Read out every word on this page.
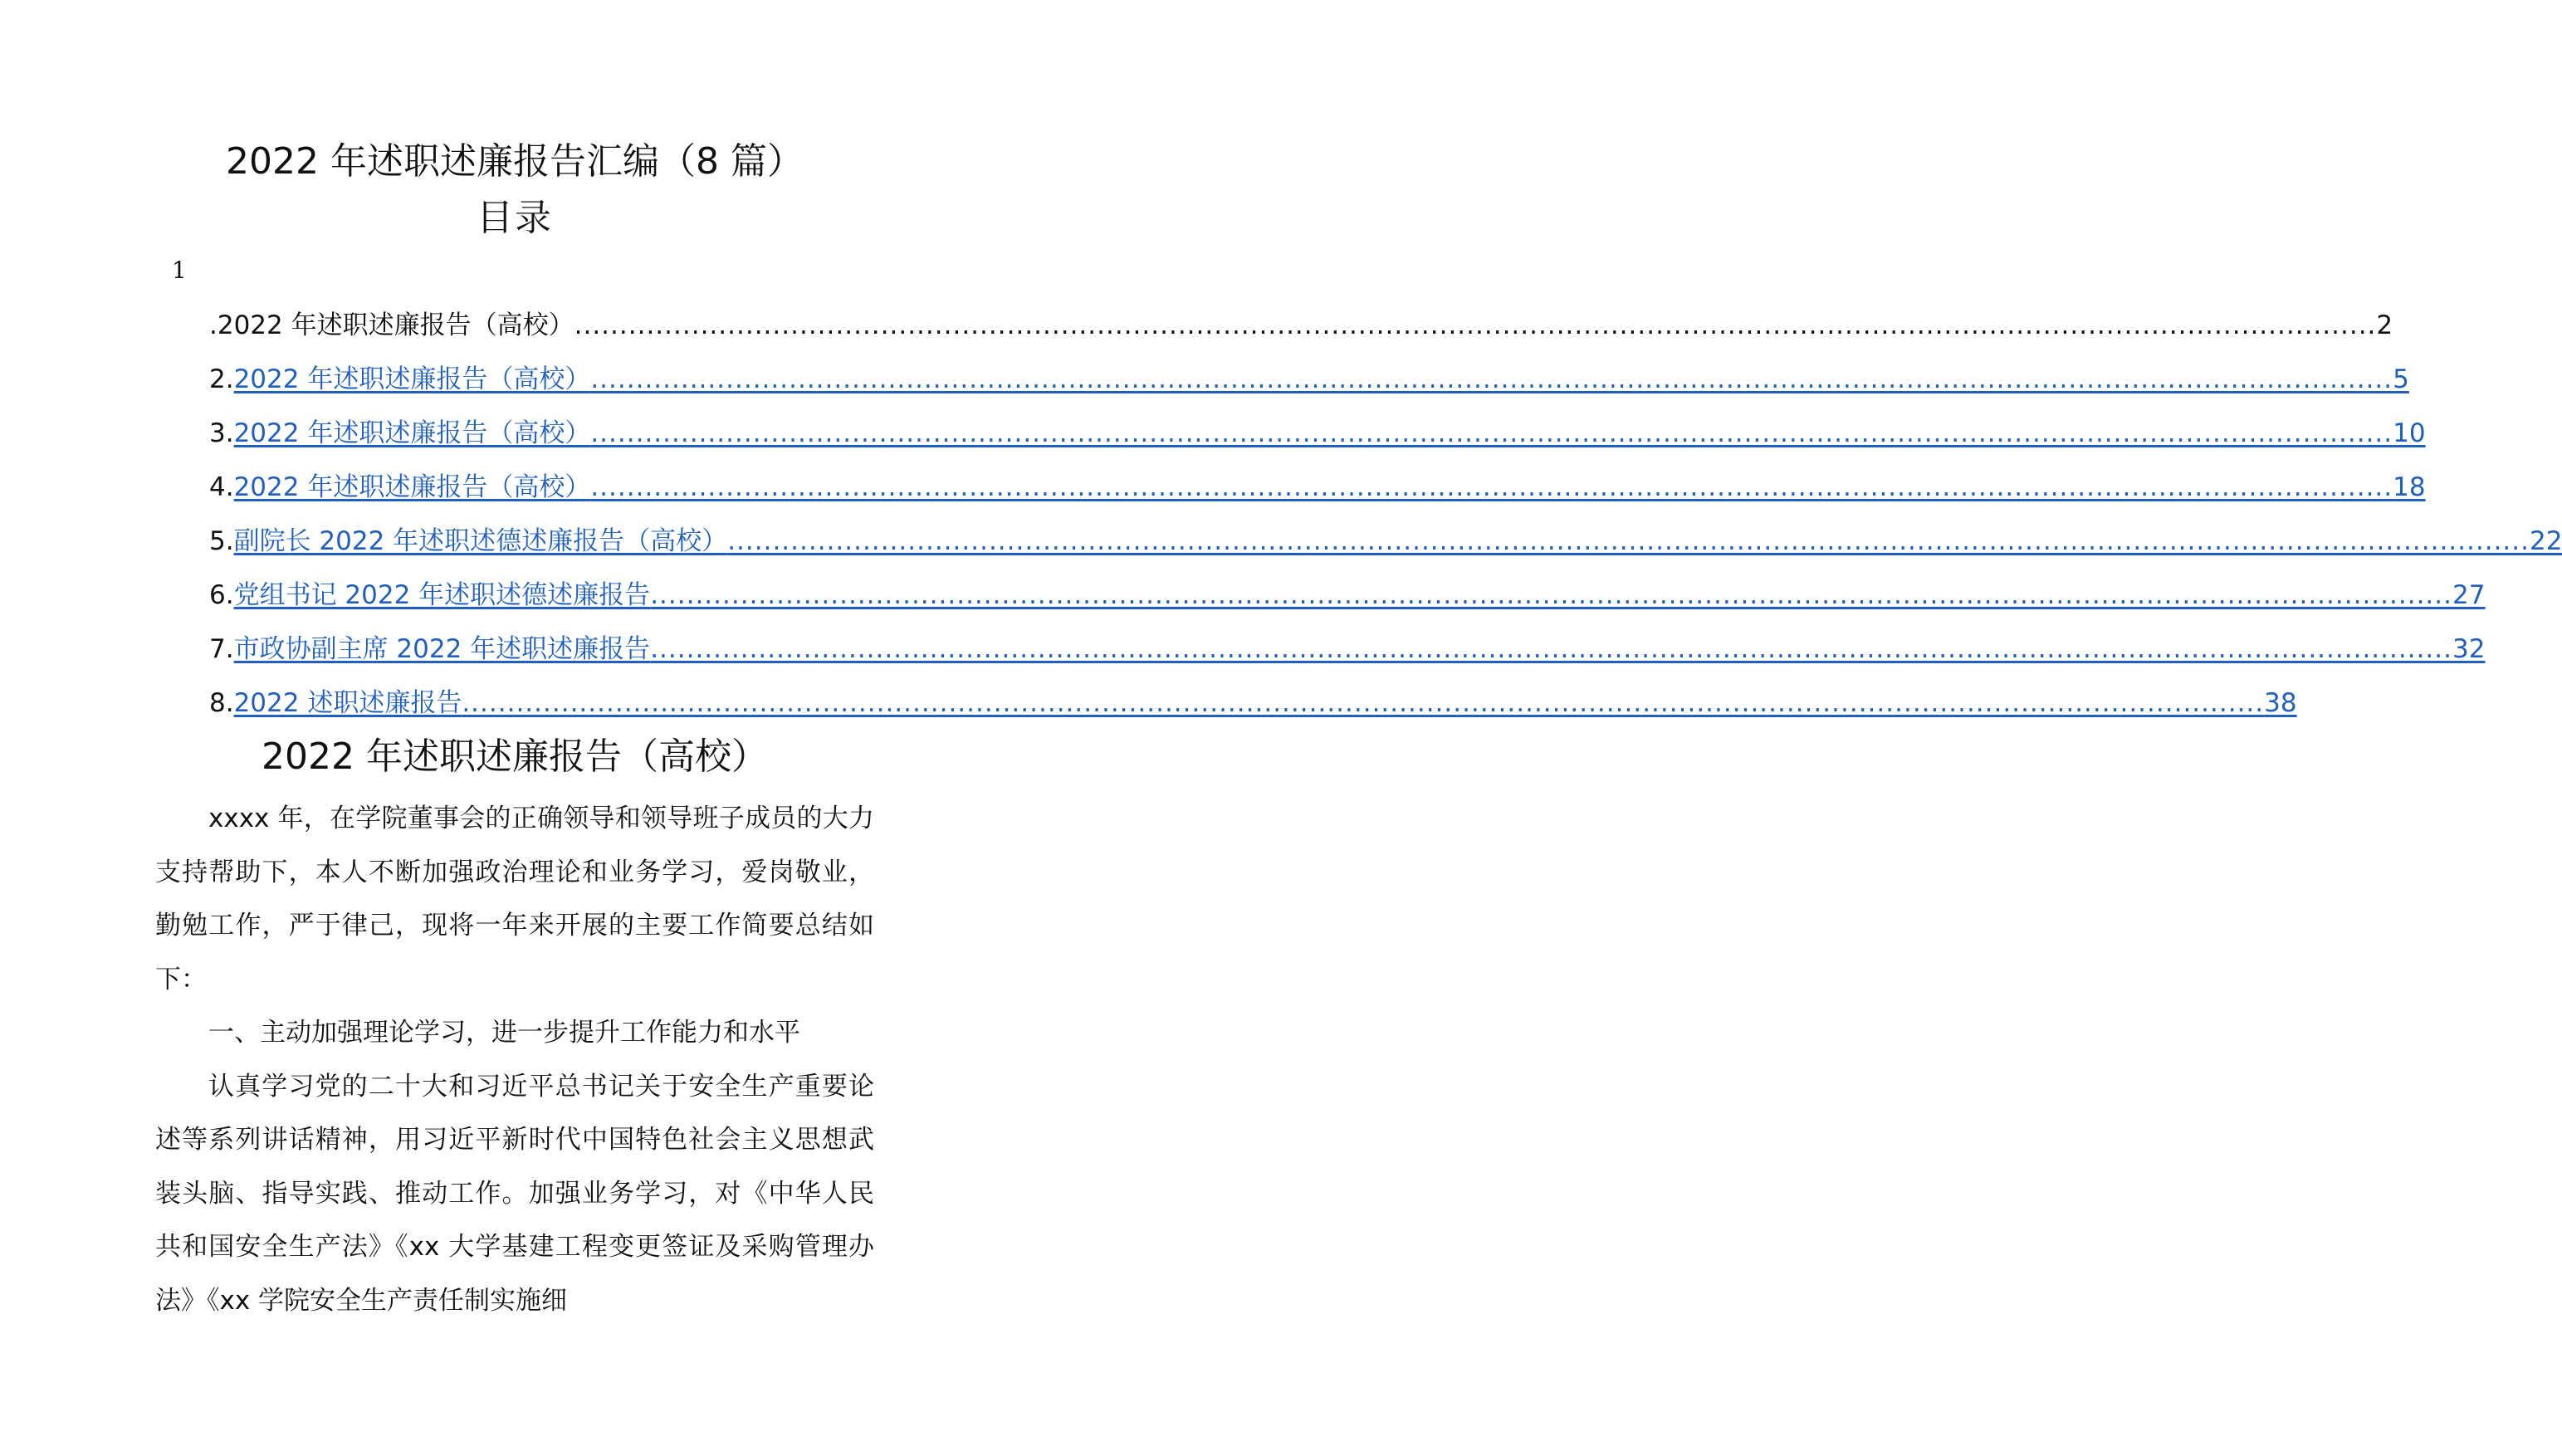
2022 年述职述廉报告汇编（8 篇）
目录
1
. 2022 年述职述廉报告（高校） ........................................................................................................................................................................................................ 2
2. 2022 年述职述廉报告（高校） ........................................................................................................................................................................................................ 5
3. 2022 年述职述廉报告（高校） ........................................................................................................................................................................................................ 10
4. 2022 年述职述廉报告（高校） ........................................................................................................................................................................................................ 18
5. 副院长 2022 年述职述德述廉报告（高校） ........................................................................................................................................................................................................ 22
6. 党组书记 2022 年述职述德述廉报告 ........................................................................................................................................................................................................ 27
7. 市政协副主席 2022 年述职述廉报告 ........................................................................................................................................................................................................ 32
8. 2022 述职述廉报告 ........................................................................................................................................................................................................ 38
2022 年述职述廉报告（高校）

xxxx 年，在学院董事会的正确领导和领导班子成员的大力支持帮助下，本人不断加强政治理论和业务学习，爱岗敬业，勤勉工作，严于律己，现将一年来开展的主要工作简要总结如下：

一、主动加强理论学习，进一步提升工作能力和水平

认真学习党的二十大和习近平总书记关于安全生产重要论述等系列讲话精神，用习近平新时代中国特色社会主义思想武装头脑、指导实践、推动工作。加强业务学习，对《中华人民共和国安全生产法》《xx 大学基建工程变更签证及采购管理办法》《xx 学院安全生产责任制实施细
